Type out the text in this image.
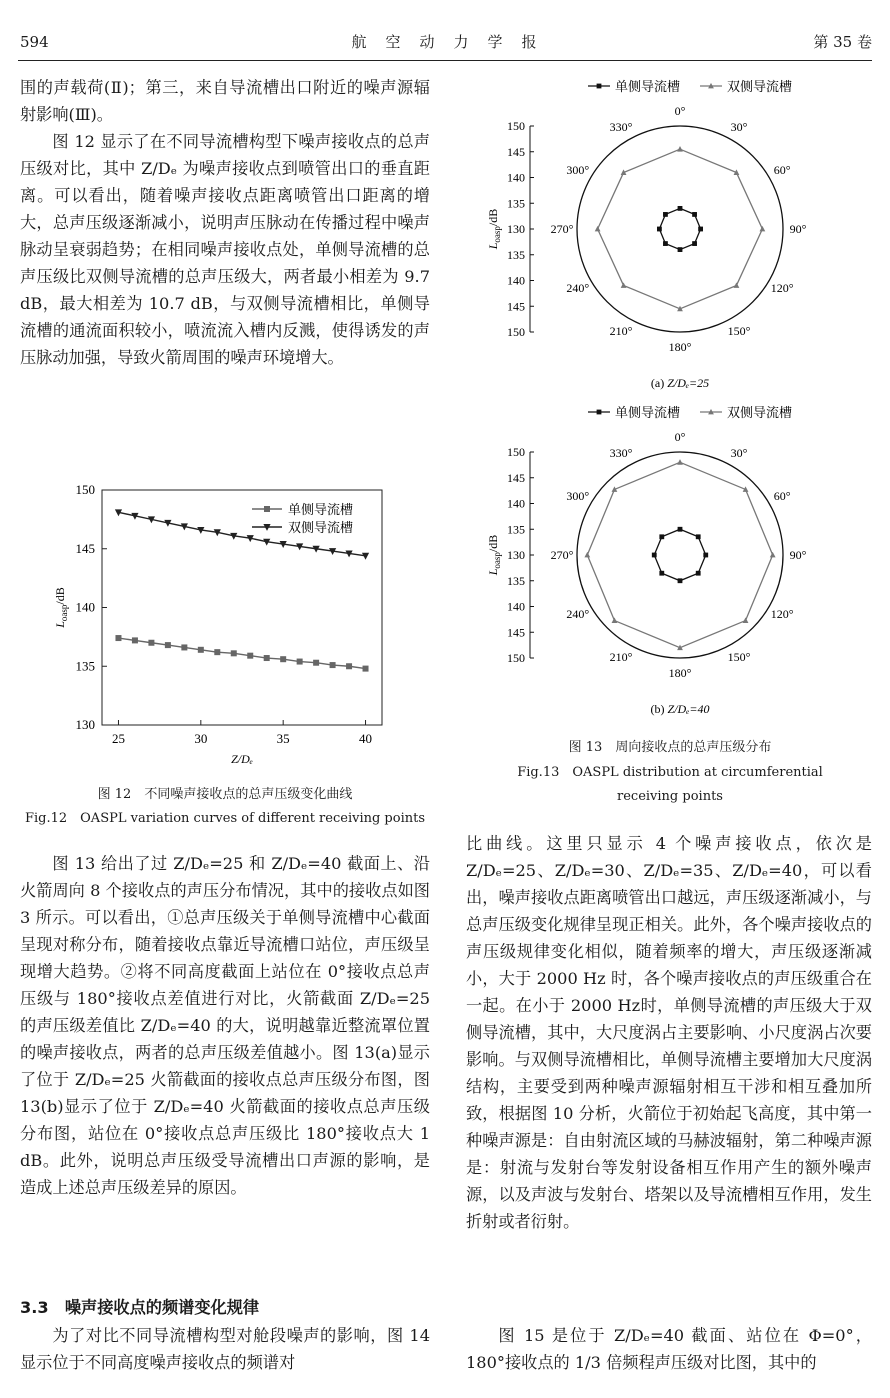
594	航　空　动　力　学　报	第 35 卷

围的声载荷(Ⅱ)；第三，来自导流槽出口附近的噪声源辐射影响(Ⅲ)。

图 12 显示了在不同导流槽构型下噪声接收点的总声压级对比，其中 Z/Dₑ 为噪声接收点到喷管出口的垂直距离。可以看出，随着噪声接收点距离喷管出口距离的增大，总声压级逐渐减小，说明声压脉动在传播过程中噪声脉动呈衰弱趋势；在相同噪声接收点处，单侧导流槽的总声压级比双侧导流槽的总声压级大，两者最小相差为 9.7 dB，最大相差为 10.7 dB，与双侧导流槽相比，单侧导流槽的通流面积较小，喷流流入槽内反溅，使得诱发的声压脉动加强，导致火箭周围的噪声环境增大。

25	30	35	40
130
135
140
145
150
Z/Dₑ
$L_{oasp}/dB$
单侧导流槽
双侧导流槽

图 12　不同噪声接收点的总声压级变化曲线

Fig.12　OASPL variation curves of different receiving points

图 13 给出了过 Z/Dₑ=25 和 Z/Dₑ=40 截面上、沿火箭周向 8 个接收点的声压分布情况，其中的接收点如图 3 所示。可以看出，①总声压级关于单侧导流槽中心截面呈现对称分布，随着接收点靠近导流槽口站位，声压级呈现增大趋势。②将不同高度截面上站位在 0°接收点总声压级与 180°接收点差值进行对比，火箭截面 Z/Dₑ=25 的声压级差值比 Z/Dₑ=40 的大，说明越靠近整流罩位置的噪声接收点，两者的总声压级差值越小。图 13(a)显示了位于 Z/Dₑ=25 火箭截面的接收点总声压级分布图，图 13(b)显示了位于 Z/Dₑ=40 火箭截面的接收点总声压级分布图，站位在 0°接收点总声压级比 180°接收点大 1 dB。此外，说明总声压级受导流槽出口声源的影响，是造成上述总声压级差异的原因。

3.3　噪声接收点的频谱变化规律

为了对比不同导流槽构型对舱段噪声的影响，图 14 显示位于不同高度噪声接收点的频谱对

单侧导流槽	双侧导流槽
0°
30°
60°
90°
120°
150°
180°
210°
240°
270°
300°
330°
150
145
140
135
130
135
140
145
150
$L_{oasp}/dB$
(a) Z/Dₑ=25
单侧导流槽	双侧导流槽
0°
30°
60°
90°
120°
150°
180°
210°
240°
270°
300°
330°
150
145
140
135
130
135
140
145
150
$L_{oasp}/dB$
(b) Z/Dₑ=40

图 13　周向接收点的总声压级分布

Fig.13　OASPL distribution at circumferential

receiving points

比曲线。这里只显示 4 个噪声接收点，依次是 Z/Dₑ=25、Z/Dₑ=30、Z/Dₑ=35、Z/Dₑ=40，可以看出，噪声接收点距离喷管出口越远，声压级逐渐减小，与总声压级变化规律呈现正相关。此外，各个噪声接收点的声压级规律变化相似，随着频率的增大，声压级逐渐减小，大于 2000 Hz 时，各个噪声接收点的声压级重合在一起。在小于 2000 Hz时，单侧导流槽的声压级大于双侧导流槽，其中，大尺度涡占主要影响、小尺度涡占次要影响。与双侧导流槽相比，单侧导流槽主要增加大尺度涡结构，主要受到两种噪声源辐射相互干涉和相互叠加所致，根据图 10 分析，火箭位于初始起飞高度，其中第一种噪声源是：自由射流区域的马赫波辐射，第二种噪声源是：射流与发射台等发射设备相互作用产生的额外噪声源，以及声波与发射台、塔架以及导流槽相互作用，发生折射或者衍射。

图 15 是位于 Z/Dₑ=40 截面、站位在 Φ=0°，180°接收点的 1/3 倍频程声压级对比图，其中的
